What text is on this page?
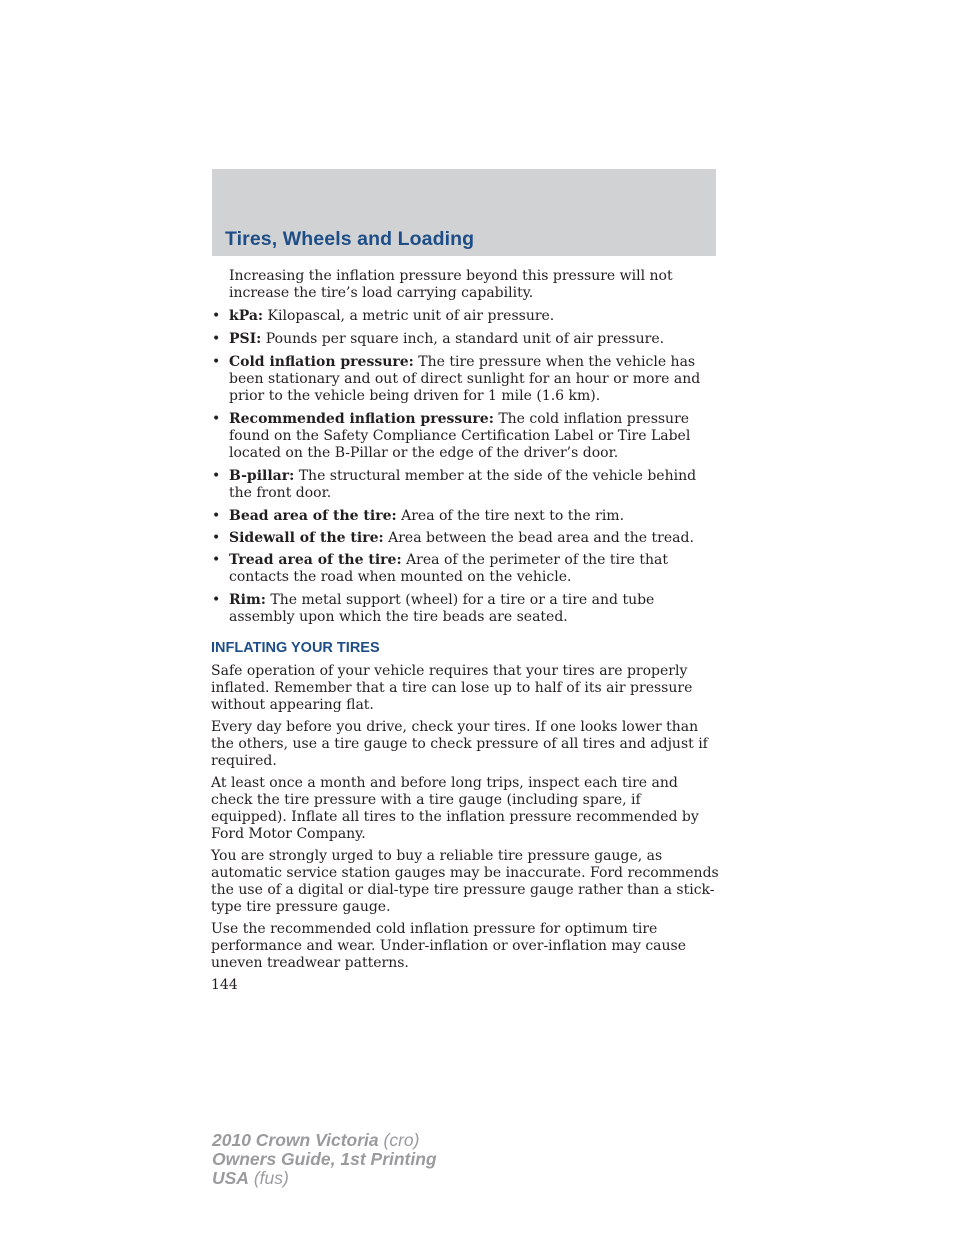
Tires, Wheels and Loading

Increasing the inflation pressure beyond this pressure will not increase the tire’s load carrying capability.

• kPa: Kilopascal, a metric unit of air pressure.
• PSI: Pounds per square inch, a standard unit of air pressure.
• Cold inflation pressure: The tire pressure when the vehicle has been stationary and out of direct sunlight for an hour or more and prior to the vehicle being driven for 1 mile (1.6 km).
• Recommended inflation pressure: The cold inflation pressure found on the Safety Compliance Certification Label or Tire Label located on the B-Pillar or the edge of the driver’s door.
• B-pillar: The structural member at the side of the vehicle behind the front door.
• Bead area of the tire: Area of the tire next to the rim.
• Sidewall of the tire: Area between the bead area and the tread.
• Tread area of the tire: Area of the perimeter of the tire that contacts the road when mounted on the vehicle.
• Rim: The metal support (wheel) for a tire or a tire and tube assembly upon which the tire beads are seated.
INFLATING YOUR TIRES

Safe operation of your vehicle requires that your tires are properly inflated. Remember that a tire can lose up to half of its air pressure without appearing flat.

Every day before you drive, check your tires. If one looks lower than the others, use a tire gauge to check pressure of all tires and adjust if required.

At least once a month and before long trips, inspect each tire and check the tire pressure with a tire gauge (including spare, if equipped). Inflate all tires to the inflation pressure recommended by Ford Motor Company.

You are strongly urged to buy a reliable tire pressure gauge, as automatic service station gauges may be inaccurate. Ford recommends the use of a digital or dial-type tire pressure gauge rather than a stick-type tire pressure gauge.

Use the recommended cold inflation pressure for optimum tire performance and wear. Under-inflation or over-inflation may cause uneven treadwear patterns.

144

2010 Crown Victoria (cro)
Owners Guide, 1st Printing
USA (fus)
